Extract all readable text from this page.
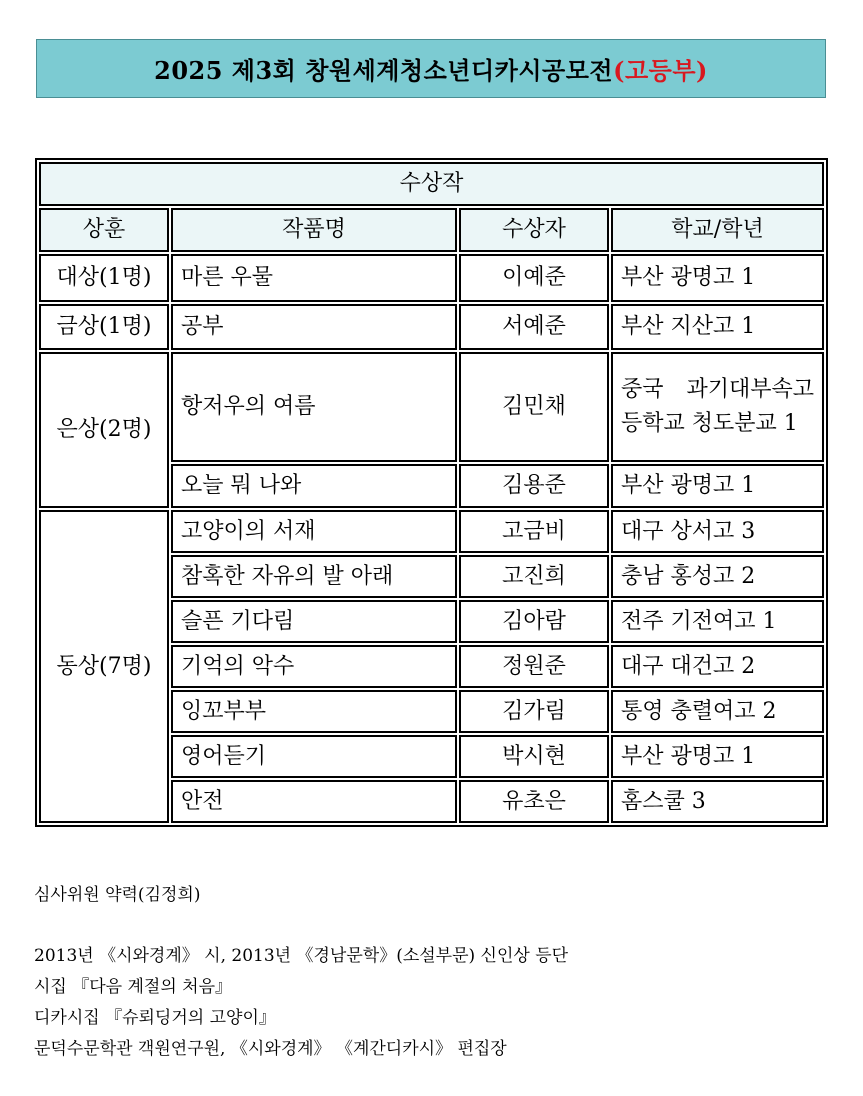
2025 제3회 창원세계청소년디카시공모전 (고등부)
수상작			
상훈	작품명	수상자	학교/학년
대상(1명)	마른 우물	이예준	부산 광명고 1
금상(1명)	공부	서예준	부산 지산고 1
은상(2명)	항저우의 여름	김민채	중국 과기대부속고등학교 청도분교 1
	오늘 뭐 나와	김용준	부산 광명고 1
동상(7명)	고양이의 서재	고금비	대구 상서고 3
	참혹한 자유의 발 아래	고진희	충남 홍성고 2
	슬픈 기다림	김아람	전주 기전여고 1
	기억의 악수	정원준	대구 대건고 2
	잉꼬부부	김가림	통영 충렬여고 2
	영어듣기	박시현	부산 광명고 1
	안전	유초은	홈스쿨 3
심사위원 약력(김정희)
2013년 《시와경계》 시, 2013년 《경남문학》(소설부문) 신인상 등단
시집 『다음 계절의 처음』
디카시집 『슈뢰딩거의 고양이』
문덕수문학관 객원연구원, 《시와경계》 《계간디카시》 편집장
